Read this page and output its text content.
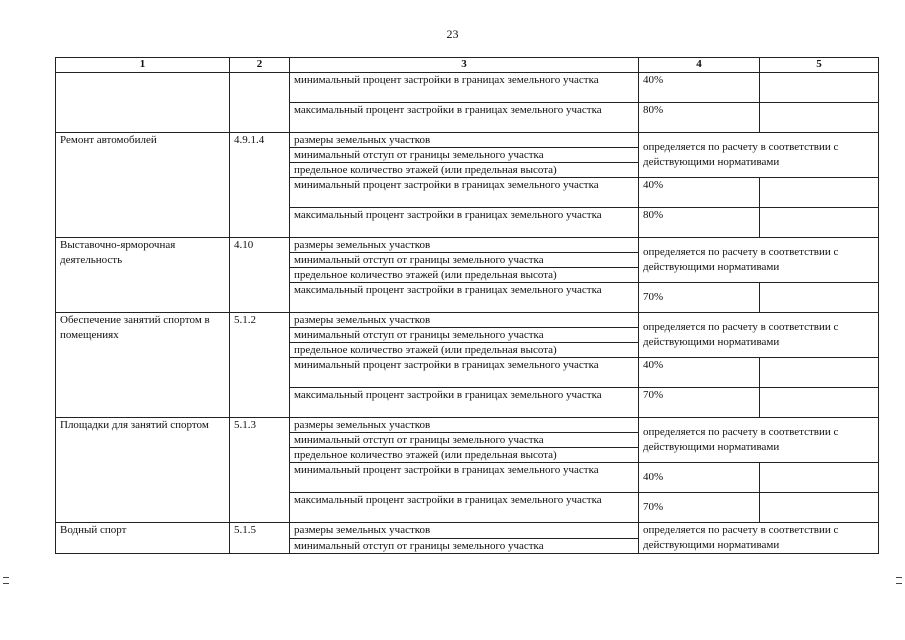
23
1	2	3	4	5
		минимальный процент застройки в границах земельного участка	40%	
		максимальный процент застройки в границах земельного участка	80%	
Ремонт автомобилей	4.9.1.4	размеры земельных участков	определяется по расчету в соответствии с действующими нормативами	
		минимальный отступ от границы земельного участка		
		предельное количество этажей (или предельная высота)		
		минимальный процент застройки в границах земельного участка	40%	
		максимальный процент застройки в границах земельного участка	80%	
Выставочно-ярморочная деятельность	4.10	размеры земельных участков	определяется по расчету в соответствии с действующими нормативами	
		минимальный отступ от границы земельного участка		
		предельное количество этажей (или предельная высота)		
		максимальный процент застройки в границах земельного участка	70%	
Обеспечение занятий спортом в помещениях	5.1.2	размеры земельных участков	определяется по расчету в соответствии с действующими нормативами	
		минимальный отступ от границы земельного участка		
		предельное количество этажей (или предельная высота)		
		минимальный процент застройки в границах земельного участка	40%	
		максимальный процент застройки в границах земельного участка	70%	
Площадки для занятий спортом	5.1.3	размеры земельных участков	определяется по расчету в соответствии с действующими нормативами	
		минимальный отступ от границы земельного участка		
		предельное количество этажей (или предельная высота)		
		минимальный процент застройки в границах земельного участка	40%	
		максимальный процент застройки в границах земельного участка	70%	
Водный спорт	5.1.5	размеры земельных участков	определяется по расчету в соответствии с действующими нормативами	
		минимальный отступ от границы земельного участка		
